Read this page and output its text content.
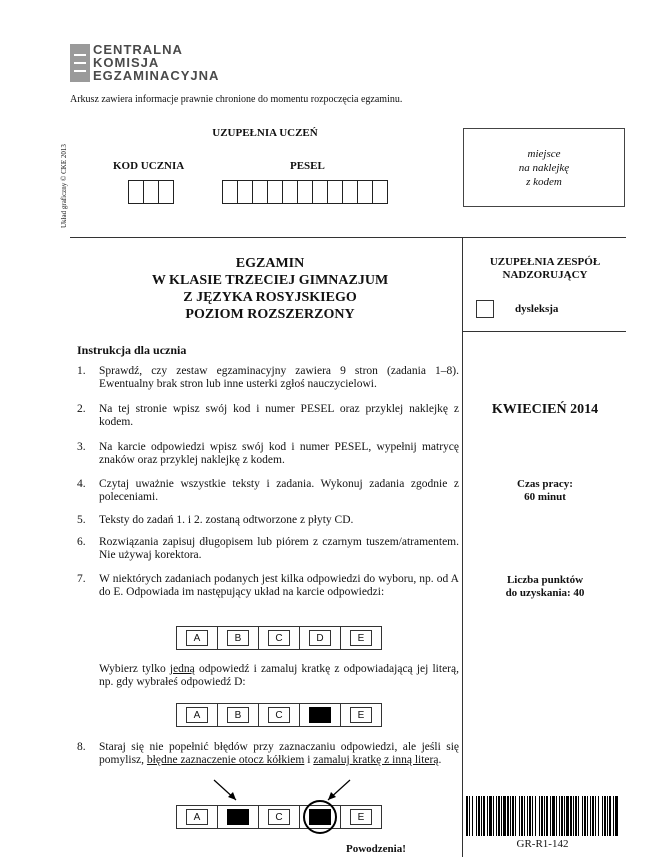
CENTRALNA
KOMISJA
EGZAMINACYJNA
Arkusz zawiera informacje prawnie chronione do momentu rozpoczęcia egzaminu.
Układ graficzny © CKE 2013
UZUPEŁNIA UCZEŃ
KOD UCZNIA	PESEL
miejsce
na naklejkę
z kodem
EGZAMIN
W KLASIE TRZECIEJ GIMNAZJUM
Z JĘZYKA ROSYJSKIEGO
POZIOM ROZSZERZONY
UZUPEŁNIA ZESPÓŁ
NADZORUJĄCY
dysleksja
Instrukcja dla ucznia
1. Sprawdź, czy zestaw egzaminacyjny zawiera 9 stron (zadania 1–8). Ewentualny brak stron lub inne usterki zgłoś nauczycielowi.
2. Na tej stronie wpisz swój kod i numer PESEL oraz przyklej naklejkę z kodem.
3. Na karcie odpowiedzi wpisz swój kod i numer PESEL, wypełnij matrycę znaków oraz przyklej naklejkę z kodem.
4. Czytaj uważnie wszystkie teksty i zadania. Wykonuj zadania zgodnie z poleceniami.
5. Teksty do zadań 1. i 2. zostaną odtworzone z płyty CD.
6. Rozwiązania zapisuj długopisem lub piórem z czarnym tuszem/atramentem. Nie używaj korektora.
7. W niektórych zadaniach podanych jest kilka odpowiedzi do wyboru, np. od A do E. Odpowiada im następujący układ na karcie odpowiedzi:
A	B	C	D	E
Wybierz tylko jedną odpowiedź i zamaluj kratkę z odpowiadającą jej literą, np. gdy wybrałeś odpowiedź D:
A	B	C	E
8. Staraj się nie popełnić błędów przy zaznaczaniu odpowiedzi, ale jeśli się pomylisz, błędne zaznaczenie otocz kółkiem i zamaluj kratkę z inną literą.
A	C	E
KWIECIEŃ 2014
Czas pracy:
60 minut
Liczba punktów
do uzyskania: 40
GR-R1-142
Powodzenia!
